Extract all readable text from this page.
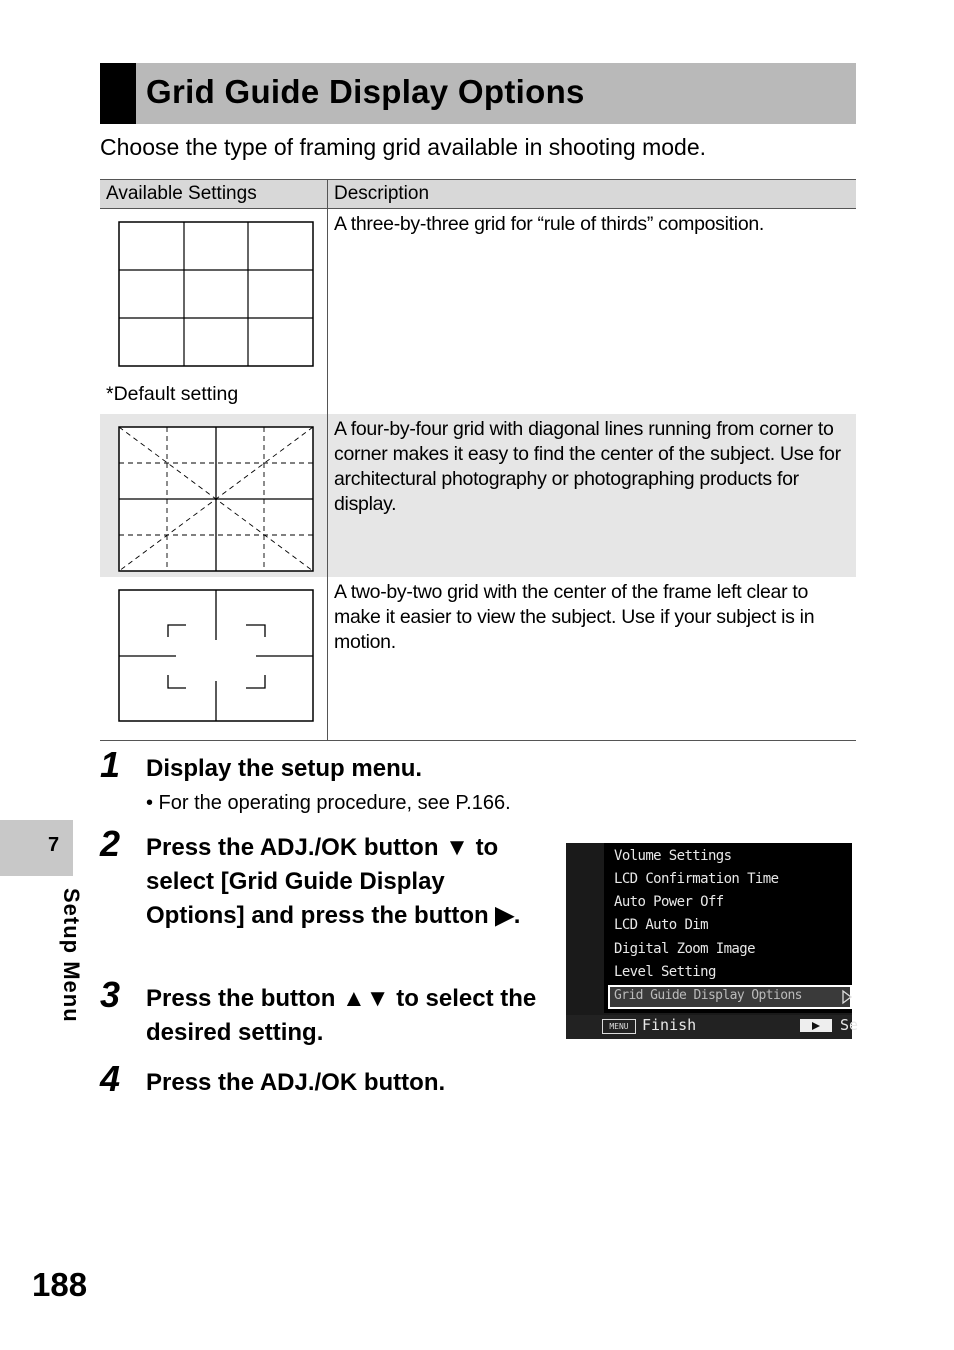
Grid Guide Display Options
Choose the type of framing grid available in shooting mode.
Available Settings	Description

*Default setting	A three-by-three grid for “rule of thirds” composition.

	A four-by-four grid with diagonal lines running from corner to corner makes it easy to find the center of the subject. Use for architectural photography or photographing products for display.

	A two-by-two grid with the center of the frame left clear to make it easier to view the subject. Use if your subject is in motion.
1 Display the setup menu.
• For the operating procedure, see P.166.
2 Press the ADJ./OK button ▼ to select [Grid Guide Display Options] and press the button ▶.
3 Press the button ▲▼ to select the desired setting.
4 Press the ADJ./OK button.
Volume Settings
LCD Confirmation Time
Auto Power Off
LCD Auto Dim
Digital Zoom Image
Level Setting
Grid Guide Display Options
MENU Finish	Se
7
Setup Menu
188
